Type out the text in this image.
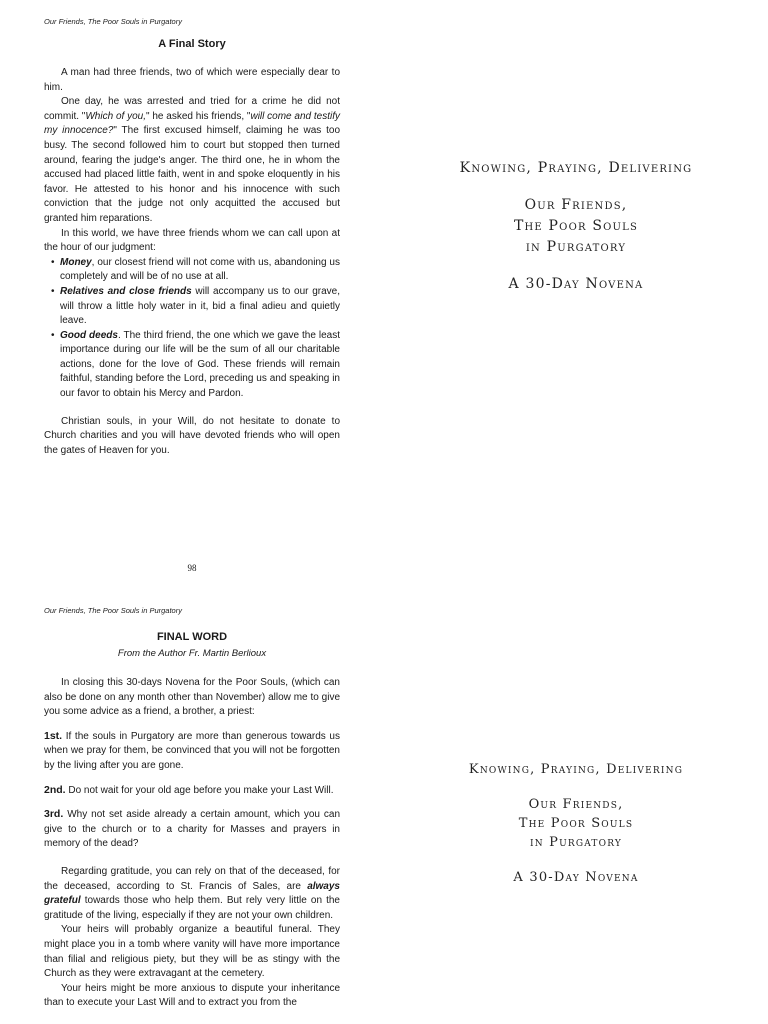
Our Friends, The Poor Souls in Purgatory
A Final Story

A man had three friends, two of which were especially dear to him.

One day, he was arrested and tried for a crime he did not commit. "Which of you," he asked his friends, "will come and testify my innocence?" The first excused himself, claiming he was too busy. The second followed him to court but stopped then turned around, fearing the judge's anger. The third one, he in whom the accused had placed little faith, went in and spoke eloquently in his favor. He attested to his honor and his innocence with such conviction that the judge not only acquitted the accused but granted him reparations.

In this world, we have three friends whom we can call upon at the hour of our judgment:

• Money, our closest friend will not come with us, abandoning us completely and will be of no use at all.
• Relatives and close friends will accompany us to our grave, will throw a little holy water in it, bid a final adieu and quietly leave.
• Good deeds. The third friend, the one which we gave the least importance during our life will be the sum of all our charitable actions, done for the love of God. These friends will remain faithful, standing before the Lord, preceding us and speaking in our favor to obtain his Mercy and Pardon.

Christian souls, in your Will, do not hesitate to donate to Church charities and you will have devoted friends who will open the gates of Heaven for you.

Knowing, Praying, Delivering
Our Friends,
The Poor Souls
in Purgatory
A 30-Day Novena
98
Our Friends, The Poor Souls in Purgatory
FINAL WORD
From the Author Fr. Martin Berlioux

In closing this 30-days Novena for the Poor Souls, (which can also be done on any month other than November) allow me to give you some advice as a friend, a brother, a priest:

1st. If the souls in Purgatory are more than generous towards us when we pray for them, be convinced that you will not be forgotten by the living after you are gone.

2nd. Do not wait for your old age before you make your Last Will.

3rd. Why not set aside already a certain amount, which you can give to the church or to a charity for Masses and prayers in memory of the dead?

Regarding gratitude, you can rely on that of the deceased, for the deceased, according to St. Francis of Sales, are always grateful towards those who help them. But rely very little on the gratitude of the living, especially if they are not your own children.

Your heirs will probably organize a beautiful funeral. They might place you in a tomb where vanity will have more importance than filial and religious piety, but they will be as stingy with the Church as they were extravagant at the cemetery.

Your heirs might be more anxious to dispute your inheritance than to execute your Last Will and to extract you from the

Knowing, Praying, Delivering
Our Friends,
The Poor Souls
in Purgatory
A 30-Day Novena
